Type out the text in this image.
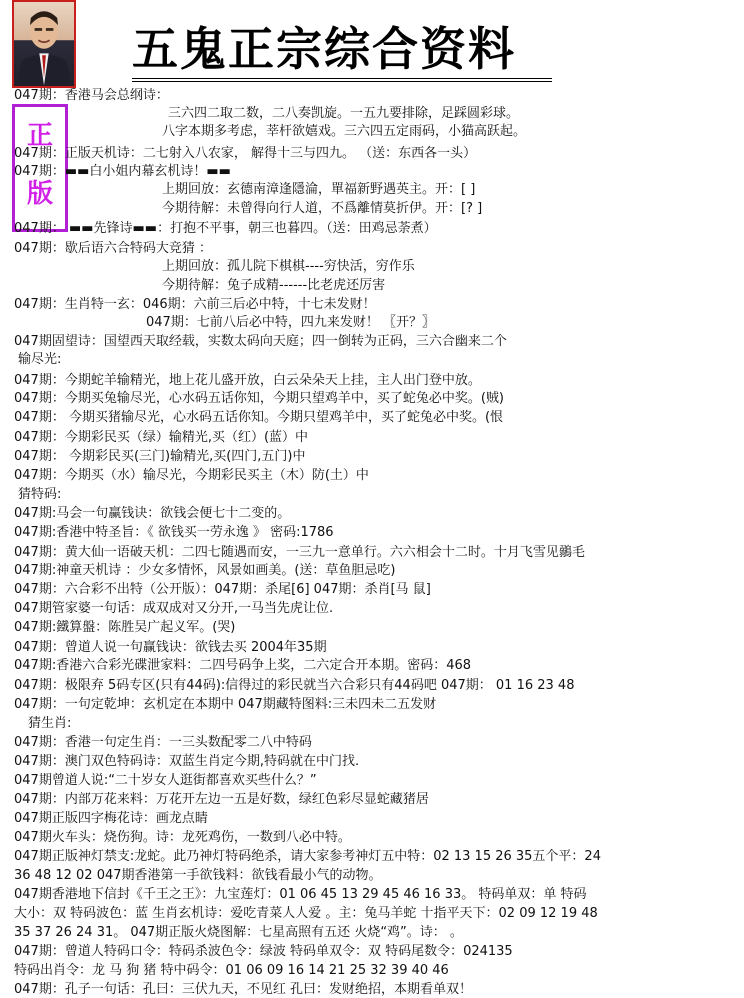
五鬼正宗综合资料
正
版
047期：香港马会总纲诗：
三六四二取二数，二八奏凯旋。一五九要排除，足踩圆彩球。
八字本期多考虑，莘杆欲嬉戏。三六四五定雨码，小猫高跃起。
047期：正版天机诗：二七射入八农家， 解得十三与四九。 （送：东西各一头）
047期：▬▬白小姐内幕玄机诗！▬▬
上期回放：玄德南漳逢隱淪，單福新野遇英主。开：[ ]
今期待解：未曾得向行人道，不爲離情莫折伊。开：[? ]
047期： ▬▬先锋诗▬▬：打抱不平事，朝三也暮四。（送：田鸡忌荼煮）
047期：歇后语六合特码大竞猜 ：
上期回放：孤儿院下棋棋----穷快活，穷作乐
今期待解：兔子成精------比老虎还厉害
047期：生肖特一玄：046期：六前三后必中特，十七未发财！
047期：七前八后必中特，四九来发财！ 〖开？〗
047期固望诗：国望西天取经载，实数太码向天庭；四一倒转为正码，三六合幽来二个
输尽光:
047期：今期蛇羊输精光，地上花儿盛开放，白云朵朵天上挂，主人出门登中放。
047期：今期买兔输尽光，心水码五话你知，今期只望鸡羊中，买了蛇兔必中奖。(贼)
047期： 今期买猪输尽光，心水码五话你知。今期只望鸡羊中，买了蛇兔必中奖。(恨
047期：今期彩民买（绿）输精光,买（红）(蓝）中
047期： 今期彩民买(三门)输精光,买(四门,五门)中
047期：今期买（水）输尽光，今期彩民买主（木）防(土）中
猜特码:
047期:马会一句赢钱诀：欲钱会便七十二变的。
047期:香港中特圣旨：《 欲钱买一劳永逸 》 密码:1786
047期：黄大仙一语破天机：二四七随遇而安，一三九一意单行。六六相会十二时。十月飞雪见鶸毛
047期:神童天机诗 ：少女多情怀，风景如画美。(送：草鱼胆忌吃)
047期：六合彩不出特（公开版）：047期：杀尾[6] 047期：杀肖[马 鼠]
047期管家婆一句话：成双成对又分开,一马当先虎让位.
047期:鐵算盤：陈胜吴广起义军。(哭)
047期：曾道人说一句赢钱诀：欲钱去买 2004年35期
047期:香港六合彩光碟泄家料：二四号码争上奖，二六定合开本期。密码：468
047期：极限弃 5码专区(只有44码):信得过的彩民就当六合彩只有44码吧 047期： 01 16 23 48
047期：一句定乾坤：玄机定在本期中 047期藏特图料:三未四未二五发财
猜生肖:
047期：香港一句定生肖：一三头数配零二八中特码
047期：澳门双色特码诗：双蓝生肖定今期,特码就在中门找.
047期曾道人说:“二十岁女人逛街都喜欢买些什么？”
047期：内部万花来料：万花开左边一五是好数，绿红色彩尽显蛇藏猪居
047期正版四字梅花诗：画龙点睛
047期火车头：烧伤狗。诗：龙死鸡伤，一数到八必中特。
047期正版神灯禁支:龙蛇。此乃神灯特码绝杀，请大家参考神灯五中特：02 13 15 26 35五个平：24
36 48 12 02 047期香港第一手欲钱料：欲钱看最小气的动物。
047期香港地下信封《千王之王》：九宝莲灯：01 06 45 13 29 45 46 16 33。 特码单双：单 特码
大小：双 特码波色：蓝 生肖玄机诗：爱吃青菜人人爱 。主：兔马羊蛇 十指平天下：02 09 12 19 48
35 37 26 24 31。 047期正版火烧图解：七星高照有五还 火烧“鸡”。诗： 。
047期：曾道人特码口令：特码杀波色令：绿波 特码单双令：双 特码尾数令：024135
特码出肖令：龙 马 狗 猪 特中码令：01 06 09 16 14 21 25 32 39 40 46
047期：孔子一句话：孔曰：三伏九天，不见红 孔曰：发财绝招，本期看单双！
